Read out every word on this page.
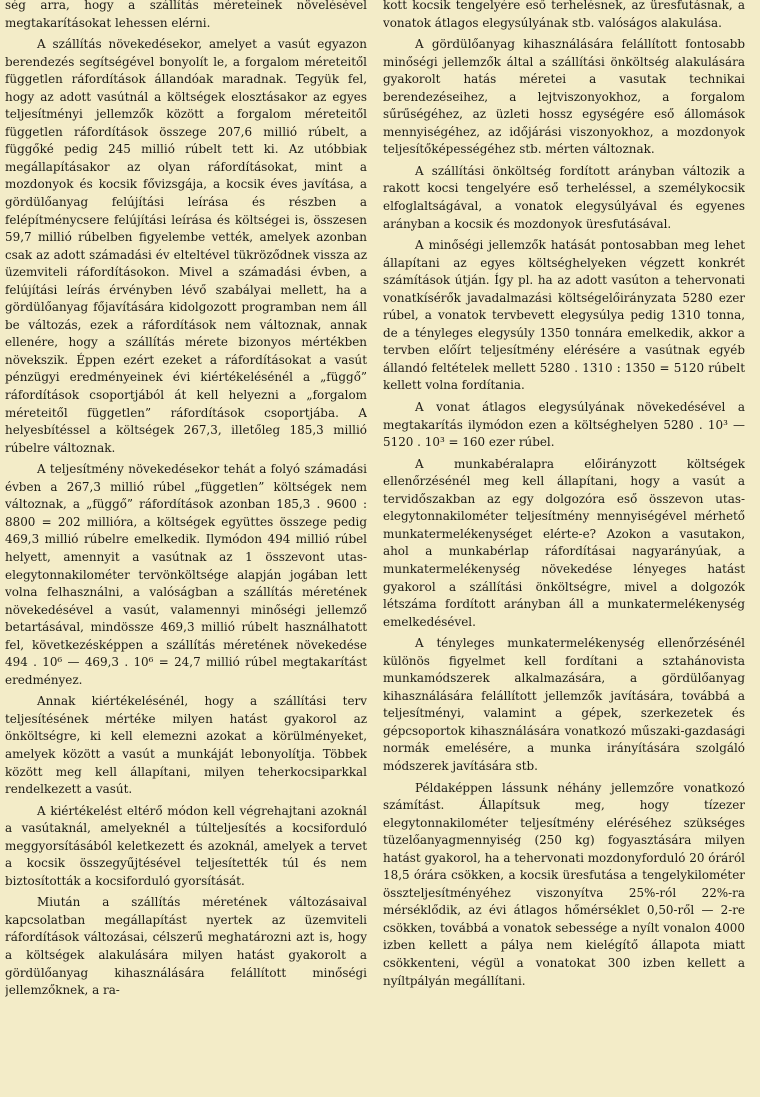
ség arra, hogy a szállítás méreteinek növelésével megtakarításokat lehessen elérni.

A szállítás növekedésekor, amelyet a vasút egyazon berendezés segítségével bonyolít le, a forgalom méreteitől független ráfordítások állandóak maradnak. Tegyük fel, hogy az adott vasútnál a költségek elosztásakor az egyes teljesítményi jellemzők között a forgalom méreteitől független ráfordítások összege 207,6 millió rúbelt, a függőké pedig 245 millió rúbelt tett ki. Az utóbbiak megállapításakor az olyan ráfordításokat, mint a mozdonyok és kocsik fővizsgája, a kocsik éves javítása, a gördülőanyag felújítási leírása és részben a felépítménycsere felújítási leírása és költségei is, összesen 59,7 millió rúbelben figyelembe vették, amelyek azonban csak az adott számadási év elteltével tükröződnek vissza az üzemviteli ráfordításokon. Mivel a számadási évben, a felújítási leírás érvényben lévő szabályai mellett, ha a gördülőanyag főjavítására kidolgozott programban nem áll be változás, ezek a ráfordítások nem változnak, annak ellenére, hogy a szállítás mérete bizonyos mértékben növekszik. Éppen ezért ezeket a ráfordításokat a vasút pénzügyi eredményeinek évi kiértékelésénél a „függő” ráfordítások csoportjából át kell helyezni a „forgalom méreteitől független” ráfordítások csoportjába. A helyesbítéssel a költségek 267,3, illetőleg 185,3 millió rúbelre változnak.

A teljesítmény növekedésekor tehát a folyó számadási évben a 267,3 millió rúbel „független” költségek nem változnak, a „függő” ráfordítások azonban 185,3 . 9600 : 8800 = 202 millióra, a költségek együttes összege pedig 469,3 millió rúbelre emelkedik. Ilymódon 494 millió rúbel helyett, amennyit a vasútnak az 1 összevont utas-elegytonnakilométer tervönköltsége alapján jogában lett volna felhasználni, a valóságban a szállítás méretének növekedésével a vasút, valamennyi minőségi jellemző betartásával, mindössze 469,3 millió rúbelt használhatott fel, következésképpen a szállítás méretének növekedése 494 . 10⁶ — 469,3 . 10⁶ = 24,7 millió rúbel megtakarítást eredményez.

Annak kiértékelésénél, hogy a szállítási terv teljesítésének mértéke milyen hatást gyakorol az önköltségre, ki kell elemezni azokat a körülményeket, amelyek között a vasút a munkáját lebonyolítja. Többek között meg kell állapítani, milyen teherkocsiparkkal rendelkezett a vasút.

A kiértékelést eltérő módon kell végrehajtani azoknál a vasútaknál, amelyeknél a túlteljesítés a kocsiforduló meggyorsításából keletkezett és azoknál, amelyek a tervet a kocsik összegyűjtésével teljesítették túl és nem biztosították a kocsiforduló gyorsítását.

Miután a szállítás méretének változásaival kapcsolatban megállapítást nyertek az üzemviteli ráfordítások változásai, célszerű meghatározni azt is, hogy a költségek alakulására milyen hatást gyakorolt a gördülőanyag kihasználására felállított minőségi jellemzőknek, a ra-

kott kocsik tengelyére eső terhelésnek, az üresfutásnak, a vonatok átlagos elegysúlyának stb. valóságos alakulása.

A gördülőanyag kihasználására felállított fontosabb minőségi jellemzők által a szállítási önköltség alakulására gyakorolt hatás méretei a vasutak technikai berendezéseihez, a lejtviszonyokhoz, a forgalom sűrűségéhez, az üzleti hossz egységére eső állomások mennyiségéhez, az időjárási viszonyokhoz, a mozdonyok teljesítőképességéhez stb. mérten változnak.

A szállítási önköltség fordított arányban változik a rakott kocsi tengelyére eső terheléssel, a személykocsik elfoglaltságával, a vonatok elegysúlyával és egyenes arányban a kocsik és mozdonyok üresfutásával.

A minőségi jellemzők hatását pontosabban meg lehet állapítani az egyes költséghelyeken végzett konkrét számítások útján. Így pl. ha az adott vasúton a tehervonati vonatkísérők javadalmazási költségelőirányzata 5280 ezer rúbel, a vonatok tervbevett elegysúlya pedig 1310 tonna, de a tényleges elegysúly 1350 tonnára emelkedik, akkor a tervben előírt teljesítmény elérésére a vasútnak egyéb állandó feltételek mellett 5280 . 1310 : 1350 = 5120 rúbelt kellett volna fordítania.

A vonat átlagos elegysúlyának növekedésével a megtakarítás ilymódon ezen a költséghelyen 5280 . 10³ — 5120 . 10³ = 160 ezer rúbel.

A munkabéralapra előirányzott költségek ellenőrzésénél meg kell állapítani, hogy a vasút a tervidőszakban az egy dolgozóra eső összevon utas-elegytonnakilométer teljesítmény mennyiségével mérhető munkatermelékenységet elérte-e? Azokon a vasutakon, ahol a munkabérlap ráfordításai nagyarányúak, a munkatermelékenység növekedése lényeges hatást gyakorol a szállítási önköltségre, mivel a dolgozók létszáma fordított arányban áll a munkatermelékenység emelkedésével.

A tényleges munkatermelékenység ellenőrzésénél különös figyelmet kell fordítani a sztahánovista munkamódszerek alkalmazására, a gördülőanyag kihasználására felállított jellemzők javítására, továbbá a teljesítményi, valamint a gépek, szerkezetek és gépcsoportok kihasználására vonatkozó műszaki-gazdasági normák emelésére, a munka irányítására szolgáló módszerek javítására stb.

Példaképpen lássunk néhány jellemzőre vonatkozó számítást. Állapítsuk meg, hogy tízezer elegytonnakilométer teljesítmény eléréséhez szükséges tüzelőanyagmennyiség (250 kg) fogyasztására milyen hatást gyakorol, ha a tehervonati mozdonyforduló 20 óráról 18,5 órára csökken, a kocsik üresfutása a tengelykilométer összteljesítményéhez viszonyítva 25%-ról 22%-ra mérséklődik, az évi átlagos hőmérséklet 0,50-ről — 2-re csökken, továbbá a vonatok sebessége a nyílt vonalon 4000 izben kellett a pálya nem kielégítő állapota miatt csökkenteni, végül a vonatokat 300 izben kellett a nyíltpályán megállítani.
